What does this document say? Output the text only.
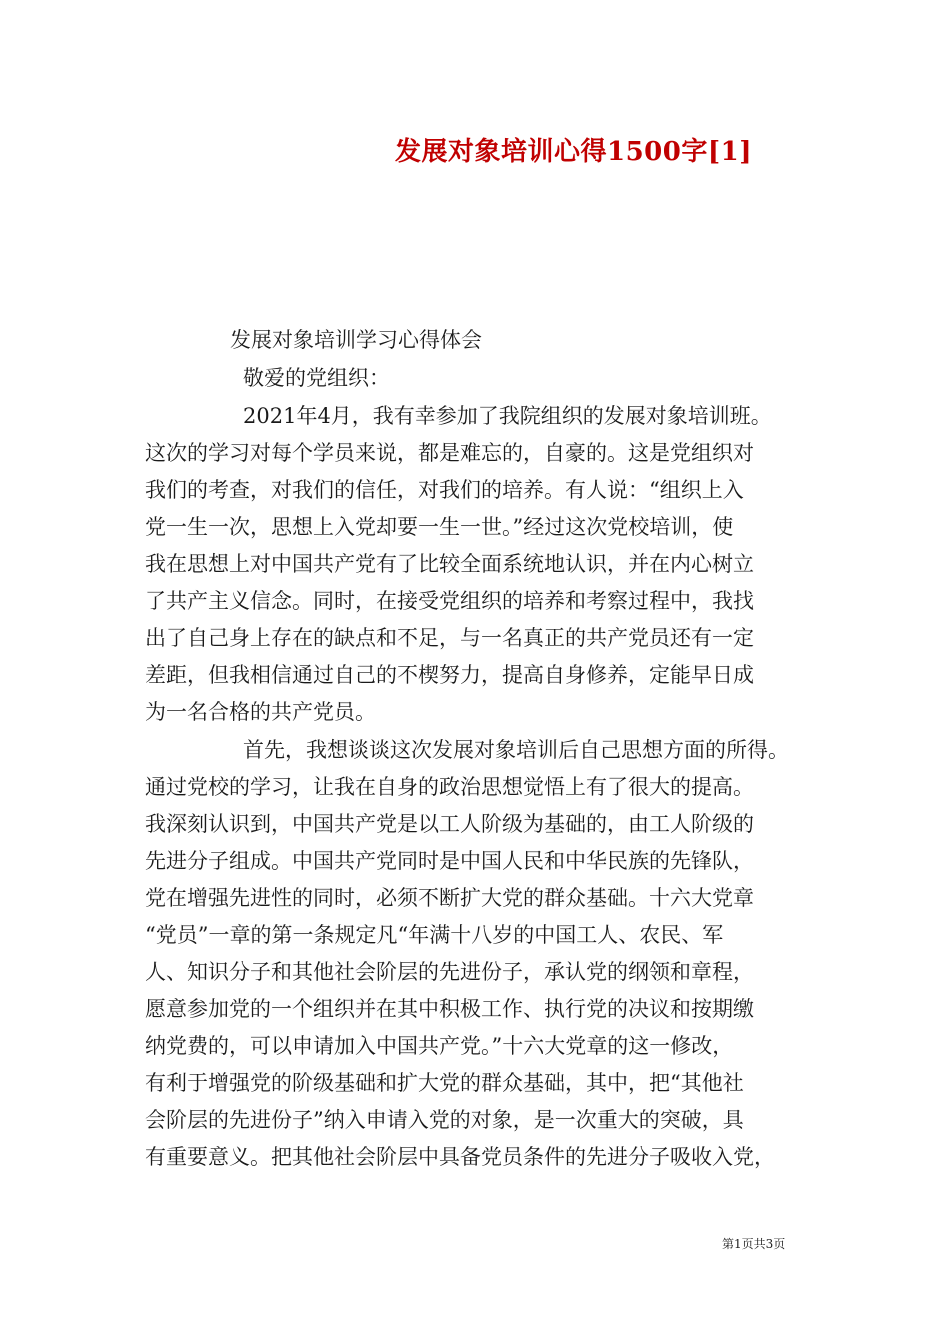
发展对象培训心得1500字[1]

发展对象培训学习心得体会

敬爱的党组织：

2021年4月，我有幸参加了我院组织的发展对象培训班。

这次的学习对每个学员来说，都是难忘的，自豪的。这是党组织对

我们的考查，对我们的信任，对我们的培养。有人说：“组织上入

党一生一次，思想上入党却要一生一世。”经过这次党校培训，使

我在思想上对中国共产党有了比较全面系统地认识，并在内心树立

了共产主义信念。同时，在接受党组织的培养和考察过程中，我找

出了自己身上存在的缺点和不足，与一名真正的共产党员还有一定

差距，但我相信通过自己的不楔努力，提高自身修养，定能早日成

为一名合格的共产党员。

首先，我想谈谈这次发展对象培训后自己思想方面的所得。

通过党校的学习，让我在自身的政治思想觉悟上有了很大的提高。

我深刻认识到，中国共产党是以工人阶级为基础的，由工人阶级的

先进分子组成。中国共产党同时是中国人民和中华民族的先锋队，

党在增强先进性的同时，必须不断扩大党的群众基础。十六大党章

“党员”一章的第一条规定凡“年满十八岁的中国工人、农民、军

人、知识分子和其他社会阶层的先进份子，承认党的纲领和章程，

愿意参加党的一个组织并在其中积极工作、执行党的决议和按期缴

纳党费的，可以申请加入中国共产党。”十六大党章的这一修改，

有利于增强党的阶级基础和扩大党的群众基础，其中，把“其他社

会阶层的先进份子”纳入申请入党的对象，是一次重大的突破，具

有重要意义。把其他社会阶层中具备党员条件的先进分子吸收入党，

第1页共3页
